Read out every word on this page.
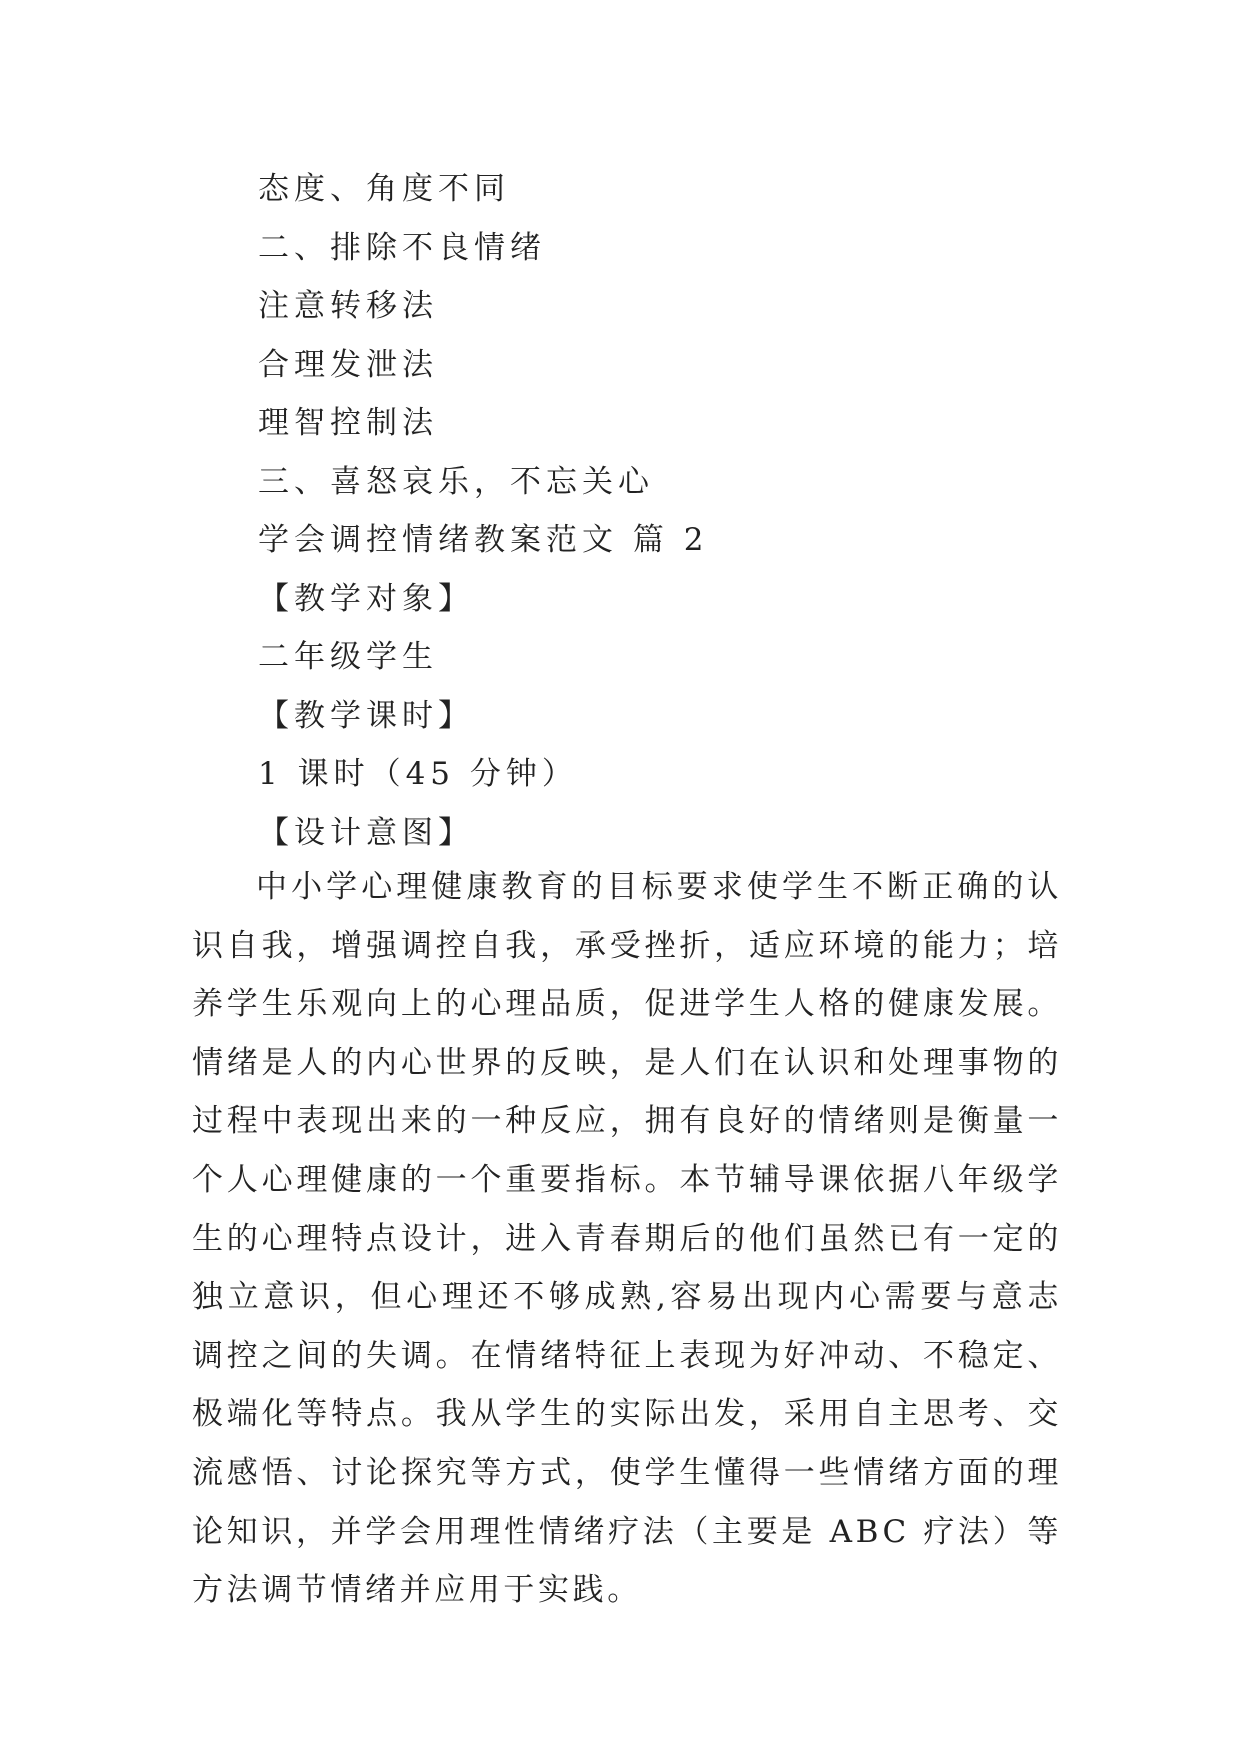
态度、角度不同
二、排除不良情绪
注意转移法
合理发泄法
理智控制法
三、喜怒哀乐，不忘关心
学会调控情绪教案范文 篇 2
【教学对象】
二年级学生
【教学课时】
1 课时（45 分钟）
【设计意图】

中小学心理健康教育的目标要求使学生不断正确的认识自我，增强调控自我，承受挫折，适应环境的能力；培养学生乐观向上的心理品质，促进学生人格的健康发展。情绪是人的内心世界的反映，是人们在认识和处理事物的过程中表现出来的一种反应，拥有良好的情绪则是衡量一个人心理健康的一个重要指标。本节辅导课依据八年级学生的心理特点设计，进入青春期后的他们虽然已有一定的独立意识，但心理还不够成熟,容易出现内心需要与意志调控之间的失调。在情绪特征上表现为好冲动、不稳定、极端化等特点。我从学生的实际出发，采用自主思考、交流感悟、讨论探究等方式，使学生懂得一些情绪方面的理论知识，并学会用理性情绪疗法（主要是 ABC 疗法）等方法调节情绪并应用于实践。
